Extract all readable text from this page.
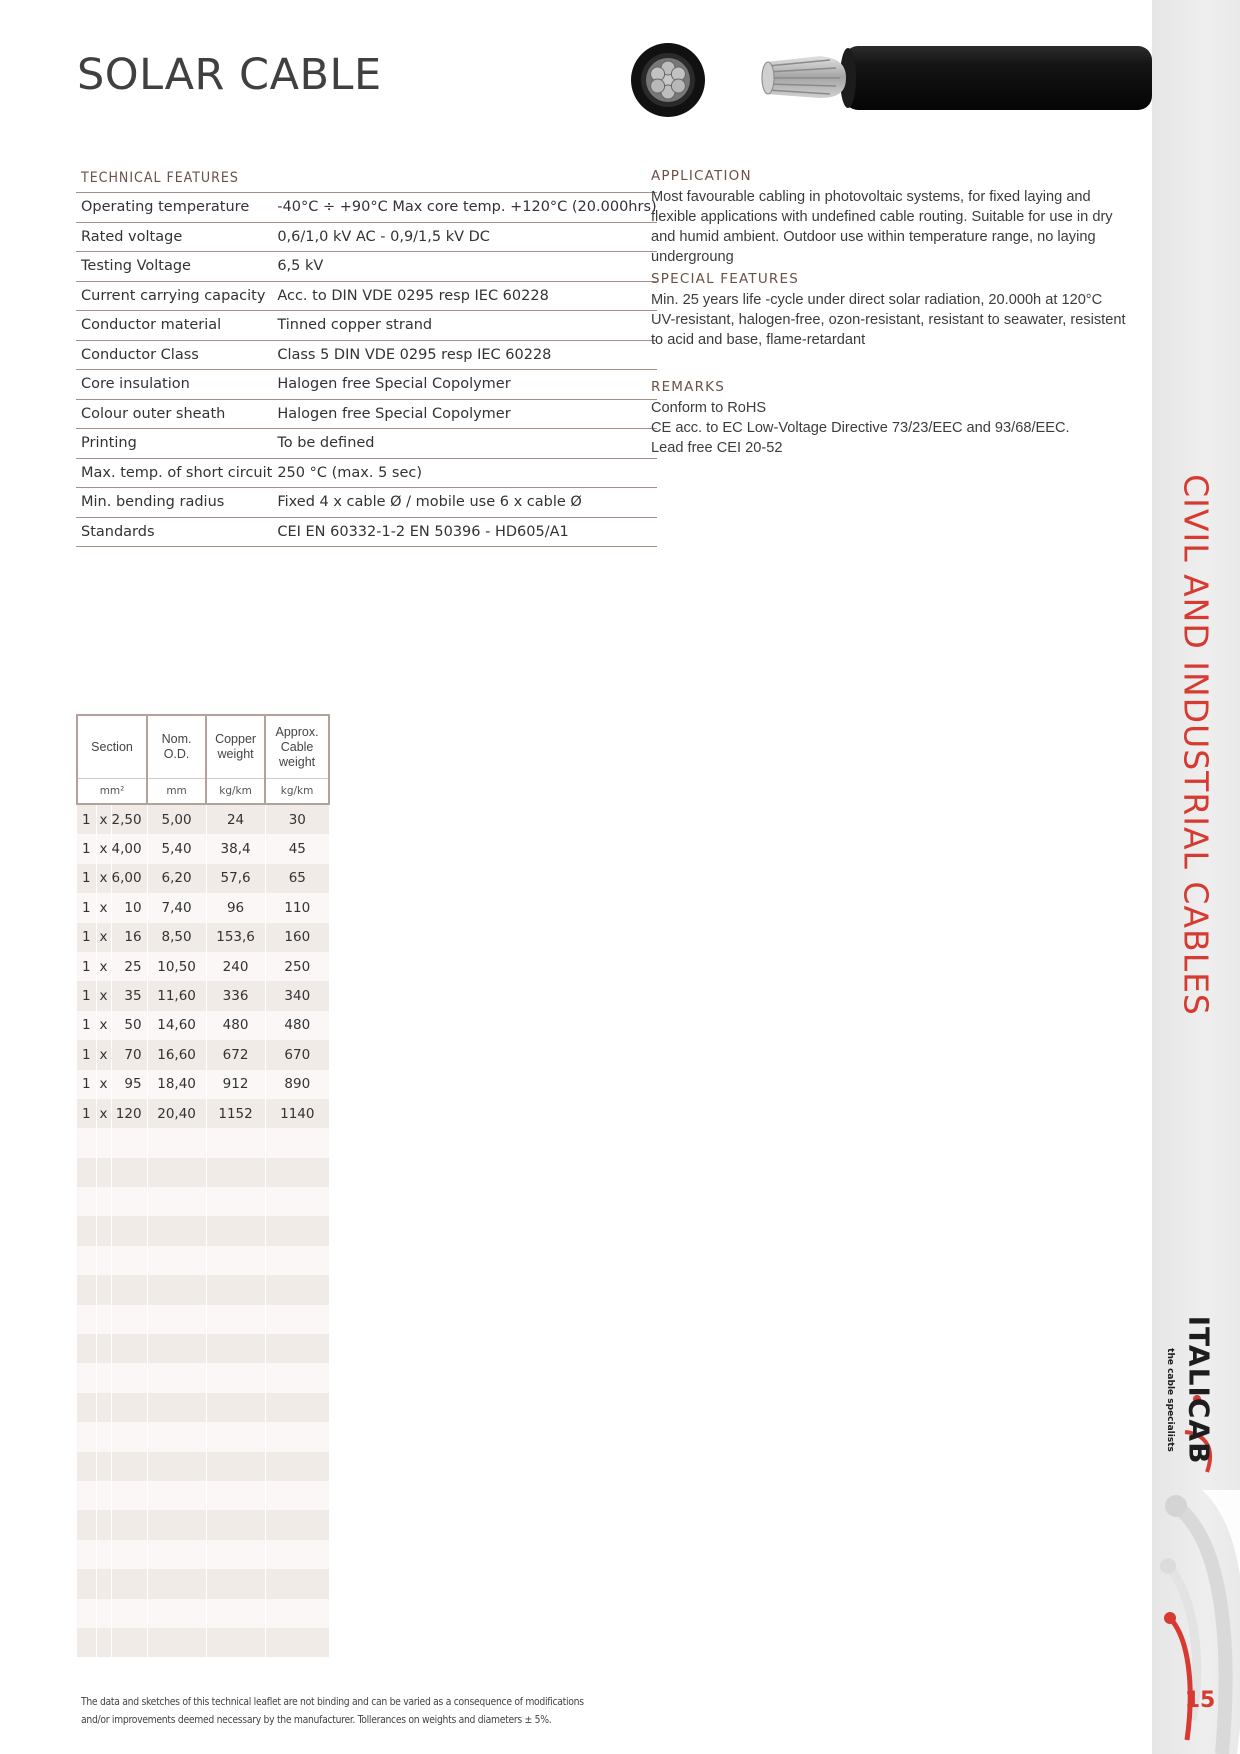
CIVIL AND INDUSTRIAL CABLES
ITALICAB
the cable specialists
15
SOLAR CABLE
TECHNICAL FEATURES
Operating temperature	-40°C ÷ +90°C Max core temp. +120°C (20.000hrs)
Rated voltage	0,6/1,0 kV AC - 0,9/1,5 kV DC
Testing Voltage	6,5 kV
Current carrying capacity	Acc. to DIN VDE 0295 resp IEC 60228
Conductor material	Tinned copper strand
Conductor Class	Class 5 DIN VDE 0295 resp IEC 60228
Core insulation	Halogen free Special Copolymer
Colour outer sheath	Halogen free Special Copolymer
Printing	To be defined
Max. temp. of short circuit	250 °C (max. 5 sec)
Min. bending radius	Fixed 4 x cable Ø / mobile use 6 x cable Ø
Standards	CEI EN 60332-1-2 EN 50396 - HD605/A1
APPLICATION

Most favourable cabling in photovoltaic systems, for fixed laying and flexible applications with undefined cable routing. Suitable for use in dry and humid ambient. Outdoor use within temperature range, no laying undergroung

SPECIAL FEATURES
Min. 25 years life -cycle under direct solar radiation, 20.000h at 120°C
UV-resistant, halogen-free, ozon-resistant, resistant to seawater, resistent to acid and base, flame-retardant
REMARKS
Conform to RoHS
CE acc. to EC Low-Voltage Directive 73/23/EEC and 93/68/EEC.
Lead free CEI 20-52
Section			Nom. O.D.	Copper weight	Approx. Cable weight
mm²			mm	kg/km	kg/km
1	x	2,50	5,00	24	30
1	x	4,00	5,40	38,4	45
1	x	6,00	6,20	57,6	65
1	x	10	7,40	96	110
1	x	16	8,50	153,6	160
1	x	25	10,50	240	250
1	x	35	11,60	336	340
1	x	50	14,60	480	480
1	x	70	16,60	672	670
1	x	95	18,40	912	890
1	x	120	20,40	1152	1140

The data and sketches of this technical leaflet are not binding and can be varied as a consequence of modifications
and/or improvements deemed necessary by the manufacturer. Tollerances on weights and diameters ± 5%.
